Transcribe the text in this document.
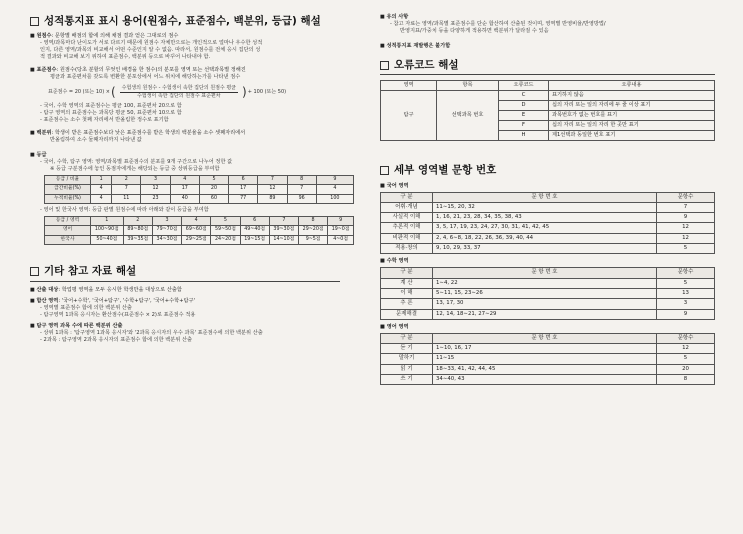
성적통지표 표시 용어(원점수, 표준점수, 백분위, 등급) 해설
■ 원점수: 문항별 배점의 합에 의해 채점 결과 얻은 그대로의 점수
- 영역/과목마다 난이도가 서로 다르기 때문에 원점수 자체만으로는 개인적으로 얼마나 우수한 성적
인지, 다른 영역/과목의 비교해서 어떤 수준인지 알 수 없음. 따라서, 원점수를 전체 응시 집단의 성
적 결과와 비교해 보기 위하여 표준점수, 백분위 등으로 바꾸어 나타내야 함.
■ 표준점수: 원점수(당초 분할의 무엇인 배경을 한 점수)의 분포를 영역 또는 선택과목별 정해진
평균과 표준편차를 갖도록 변환한 분포상에서 어느 위치에 해당하는가를 나타낸 점수
표준점수 = 20 (또는 10) × ( $\frac{\text{수험생의 원점수 - 수험생이 속한 집단의 원점수 평균}}{\text{수험생이 속한 집단의 원점수 표준편차}}$ ) + 100 (또는 50)
- 국어, 수학 영역의 표준점수는 평균 100, 표준편차 20으로 함
- 탐구 영역의 표준점수는 과목당 평균 50, 표준편차 10으로 함
- 표준점수는 소수 첫째 자리에서 반올림한 정수로 표기함
■ 백분위: 학생이 받은 표준점수보다 낮은 표준점수를 받은 학생의 백분율을 소수 셋째자리에서
반올림하여 소수 둘째자리까지 나타낸 값
■ 등급
- 국어, 수학, 탐구 영역: 영역/과목별 표준점수의 분포를 9개 구간으로 나누어 정한 값
※ 등급 구분점수에 놓인 동점자에게는 해당되는 등급 중 상위등급을 부여함
등급 / 비율	1	2	3	4	5	6	7	8	9
급간비율(%)	4	7	12	17	20	17	12	7	4
누적비율(%)	4	11	23	40	60	77	89	96	100
- 영어 및 한국사 영역: 등급 판별 원점수에 따라 아래와 같이 등급을 부여함
등급 / 영역	1	2	3	4	5	6	7	8	9
영어	100~90점	89~80점	79~70점	69~60점	59~50점	49~40점	39~30점	29~20점	19~0점
한국사	50~40점	39~35점	34~30점	29~25점	24~20점	19~15점	14~10점	9~5점	4~0점
기타 참고 자료 해설
■ 산출 대상: 학업평 영역을 모두 응시한 학생만을 대상으로 산출함
■ 합산 영역: '국어+수학', '국어+탐구', '수학+탐구', '국어+수학+탐구'
- 영역별 표준점수 합에 의한 백분위 산출
- 탐구영역 1과목 응시자는 환산점수(표준점수 × 2)로 표준점수 적용
■ 탐구 영역 과목 수에 따른 백분위 산출
- 상위 1과목 : '탐구영역 1과목 응시자'와 '2과목 응시자의 우수 과목' 표준점수에 의한 백분위 산출
- 2과목 : 탐구영역 2과목 응시자의 표준점수 합에 의한 백분위 산출
■ 유의 사항
- 참고 자료는 영역/과목별 표준점수를 단순 합산하여 산출된 것이며, 영역별 반영비율/반영방법/
반영지표/가중치 등을 다양하게 적용하면 백분위가 달라질 수 있음
■ 성적통지표 재발행은 불가함
오류코드 해설
영역	항목	오류코드	오류내용
탐구	선택과목 번호	C	표기하지 않음
		D	십의 자리 또는 일의 자리에 두 줄 이상 표기
		E	과목번호가 없는 번호를 표기
		F	십의 자리 또는 일의 자리 한 곳만 표기
		H	제1선택과 동일한 번호 표기
세부 영역별 문항 번호
■ 국어 영역
구 분	문 항 번 호	문항수
어휘·개념	11∼15, 20, 32	7
사실적 이해	1, 16, 21, 23, 28, 34, 35, 38, 43	9
추론적 이해	3, 5, 17, 19, 23, 24, 27, 30, 31, 41, 42, 45	12
비판적 이해	2, 4, 6∼8, 18, 22, 26, 36, 39, 40, 44	12
적용·창의	9, 10, 29, 33, 37	5
■ 수학 영역
구 분	문 항 번 호	문항수
계 산	1∼4, 22	5
이 해	5∼11, 15, 23∼26	13
추 론	13, 17, 30	3
문제해결	12, 14, 18∼21, 27∼29	9
■ 영어 영역
구 분	문 항 번 호	문항수
듣 기	1∼10, 16, 17	12
말하기	11∼15	5
읽 기	18∼33, 41, 42, 44, 45	20
쓰 기	34∼40, 43	8
